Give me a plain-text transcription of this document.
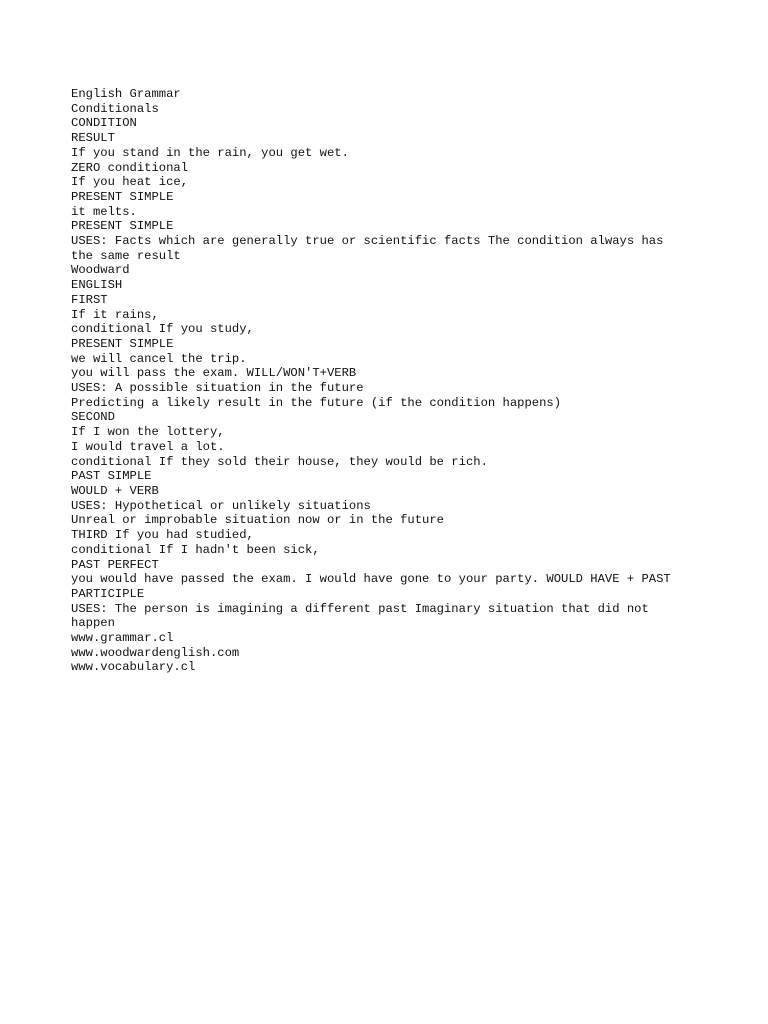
English Grammar
Conditionals
CONDITION
RESULT
If you stand in the rain, you get wet.
ZERO conditional
If you heat ice,
PRESENT SIMPLE
it melts.
PRESENT SIMPLE
USES: Facts which are generally true or scientific facts The condition always has
the same result
Woodward
ENGLISH
FIRST
If it rains,
conditional If you study,
PRESENT SIMPLE
we will cancel the trip.
you will pass the exam. WILL/WON'T+VERB
USES: A possible situation in the future
Predicting a likely result in the future (if the condition happens)
SECOND
If I won the lottery,
I would travel a lot.
conditional If they sold their house, they would be rich.
PAST SIMPLE
WOULD + VERB
USES: Hypothetical or unlikely situations
Unreal or improbable situation now or in the future
THIRD If you had studied,
conditional If I hadn't been sick,
PAST PERFECT
you would have passed the exam. I would have gone to your party. WOULD HAVE + PAST
PARTICIPLE
USES: The person is imagining a different past Imaginary situation that did not
happen
www.grammar.cl
www.woodwardenglish.com
www.vocabulary.cl
